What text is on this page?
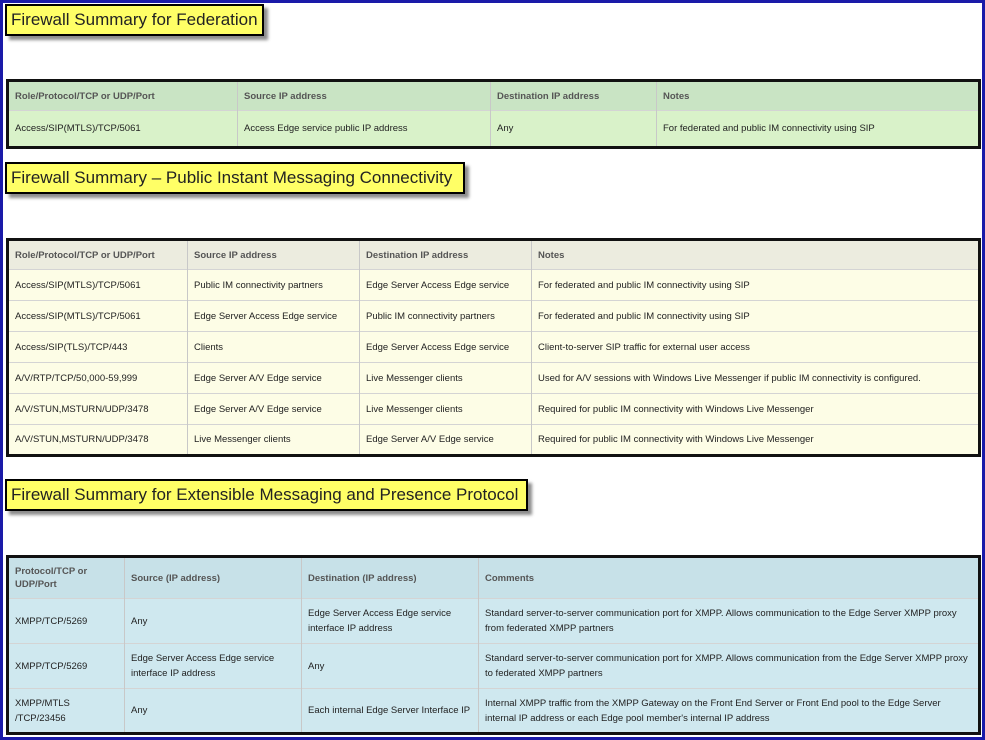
Firewall Summary for Federation
Role/Protocol/TCP or UDP/Port	Source IP address	Destination IP address	Notes
Access/SIP(MTLS)/TCP/5061	Access Edge service public IP address	Any	For federated and public IM connectivity using SIP
Firewall Summary – Public Instant Messaging Connectivity
Role/Protocol/TCP or UDP/Port	Source IP address	Destination IP address	Notes
Access/SIP(MTLS)/TCP/5061	Public IM connectivity partners	Edge Server Access Edge service	For federated and public IM connectivity using SIP
Access/SIP(MTLS)/TCP/5061	Edge Server Access Edge service	Public IM connectivity partners	For federated and public IM connectivity using SIP
Access/SIP(TLS)/TCP/443	Clients	Edge Server Access Edge service	Client-to-server SIP traffic for external user access
A/V/RTP/TCP/50,000-59,999	Edge Server A/V Edge service	Live Messenger clients	Used for A/V sessions with Windows Live Messenger if public IM connectivity is configured.
A/V/STUN,MSTURN/UDP/3478	Edge Server A/V Edge service	Live Messenger clients	Required for public IM connectivity with Windows Live Messenger
A/V/STUN,MSTURN/UDP/3478	Live Messenger clients	Edge Server A/V Edge service	Required for public IM connectivity with Windows Live Messenger
Firewall Summary for Extensible Messaging and Presence Protocol
Protocol/TCP or UDP/Port	Source (IP address)	Destination (IP address)	Comments
XMPP/TCP/5269	Any	Edge Server Access Edge service interface IP address	Standard server-to-server communication port for XMPP. Allows communication to the Edge Server XMPP proxy from federated XMPP partners
XMPP/TCP/5269	Edge Server Access Edge service interface IP address	Any	Standard server-to-server communication port for XMPP. Allows communication from the Edge Server XMPP proxy to federated XMPP partners
XMPP/MTLS /TCP/23456	Any	Each internal Edge Server Interface IP	Internal XMPP traffic from the XMPP Gateway on the Front End Server or Front End pool to the Edge Server internal IP address or each Edge pool member's internal IP address
